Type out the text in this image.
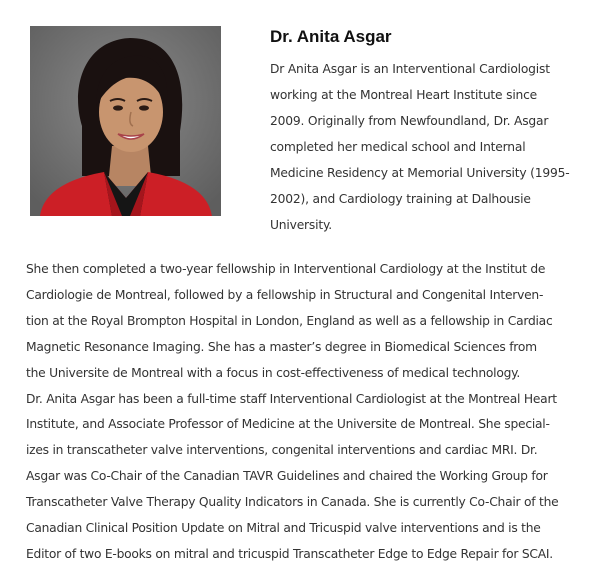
Dr. Anita Asgar

Dr Anita Asgar is an Interventional Cardiologist
working at the Montreal Heart Institute since
2009. Originally from Newfoundland, Dr. Asgar
completed her medical school and Internal
Medicine Residency at Memorial University (1995-
2002), and Cardiology training at Dalhousie
University.

She then completed a two-year fellowship in Interventional Cardiology at the Institut de
Cardiologie de Montreal, followed by a fellowship in Structural and Congenital Interven-
tion at the Royal Brompton Hospital in London, England as well as a fellowship in Cardiac
Magnetic Resonance Imaging. She has a master’s degree in Biomedical Sciences from
the Universite de Montreal with a focus in cost-effectiveness of medical technology.
Dr. Anita Asgar has been a full-time staff Interventional Cardiologist at the Montreal Heart
Institute, and Associate Professor of Medicine at the Universite de Montreal. She special-
izes in transcatheter valve interventions, congenital interventions and cardiac MRI. Dr.
Asgar was Co-Chair of the Canadian TAVR Guidelines and chaired the Working Group for
Transcatheter Valve Therapy Quality Indicators in Canada. She is currently Co-Chair of the
Canadian Clinical Position Update on Mitral and Tricuspid valve interventions and is the
Editor of two E-books on mitral and tricuspid Transcatheter Edge to Edge Repair for SCAI.
